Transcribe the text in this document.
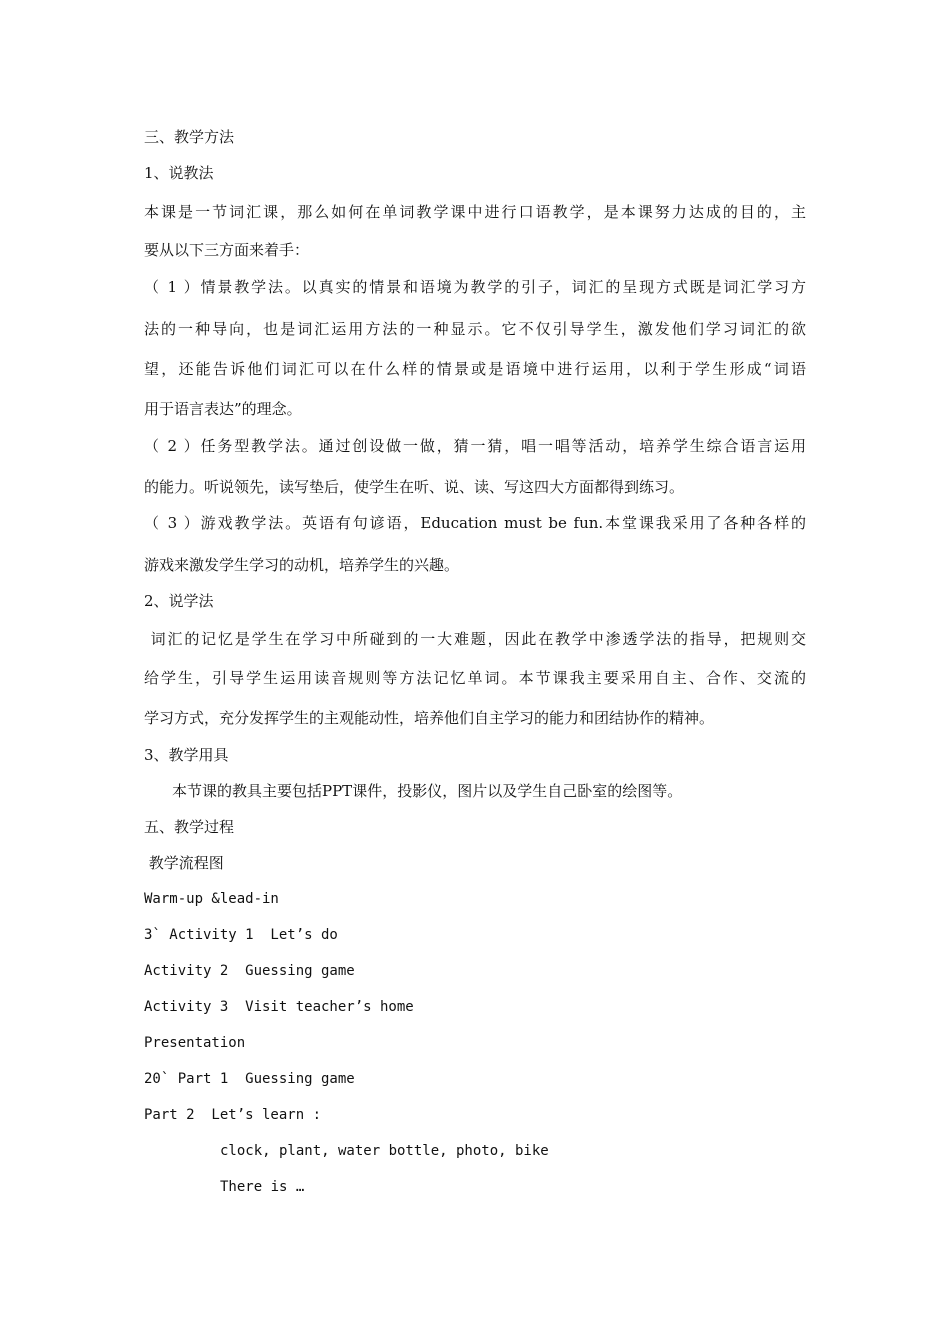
三、教学方法
1、说教法
本课是一节词汇课，那么如何在单词教学课中进行口语教学，是本课努力达成的目的，主
要从以下三方面来着手：
（ 1 ）情景教学法。以真实的情景和语境为教学的引子，词汇的呈现方式既是词汇学习方
法的一种导向，也是词汇运用方法的一种显示。它不仅引导学生，激发他们学习词汇的欲
望，还能告诉他们词汇可以在什么样的情景或是语境中进行运用，以利于学生形成“词语
用于语言表达”的理念。
（ 2 ）任务型教学法。通过创设做一做，猜一猜，唱一唱等活动，培养学生综合语言运用
的能力。听说领先，读写垫后，使学生在听、说、读、写这四大方面都得到练习。
（ 3 ）游戏教学法。英语有句谚语，Education must be fun.本堂课我采用了各种各样的
游戏来激发学生学习的动机，培养学生的兴趣。
2、说学法
词汇的记忆是学生在学习中所碰到的一大难题，因此在教学中渗透学法的指导，把规则交
给学生，引导学生运用读音规则等方法记忆单词。本节课我主要采用自主、合作、交流的
学习方式，充分发挥学生的主观能动性，培养他们自主学习的能力和团结协作的精神。
3、教学用具
本节课的教具主要包括PPT课件，投影仪，图片以及学生自己卧室的绘图等。
五、教学过程
教学流程图
Warm-up &lead-in
3` Activity 1  Let’s do
Activity 2  Guessing game
Activity 3  Visit teacher’s home
Presentation
20` Part 1  Guessing game
Part 2  Let’s learn :
clock, plant, water bottle, photo, bike
There is …
